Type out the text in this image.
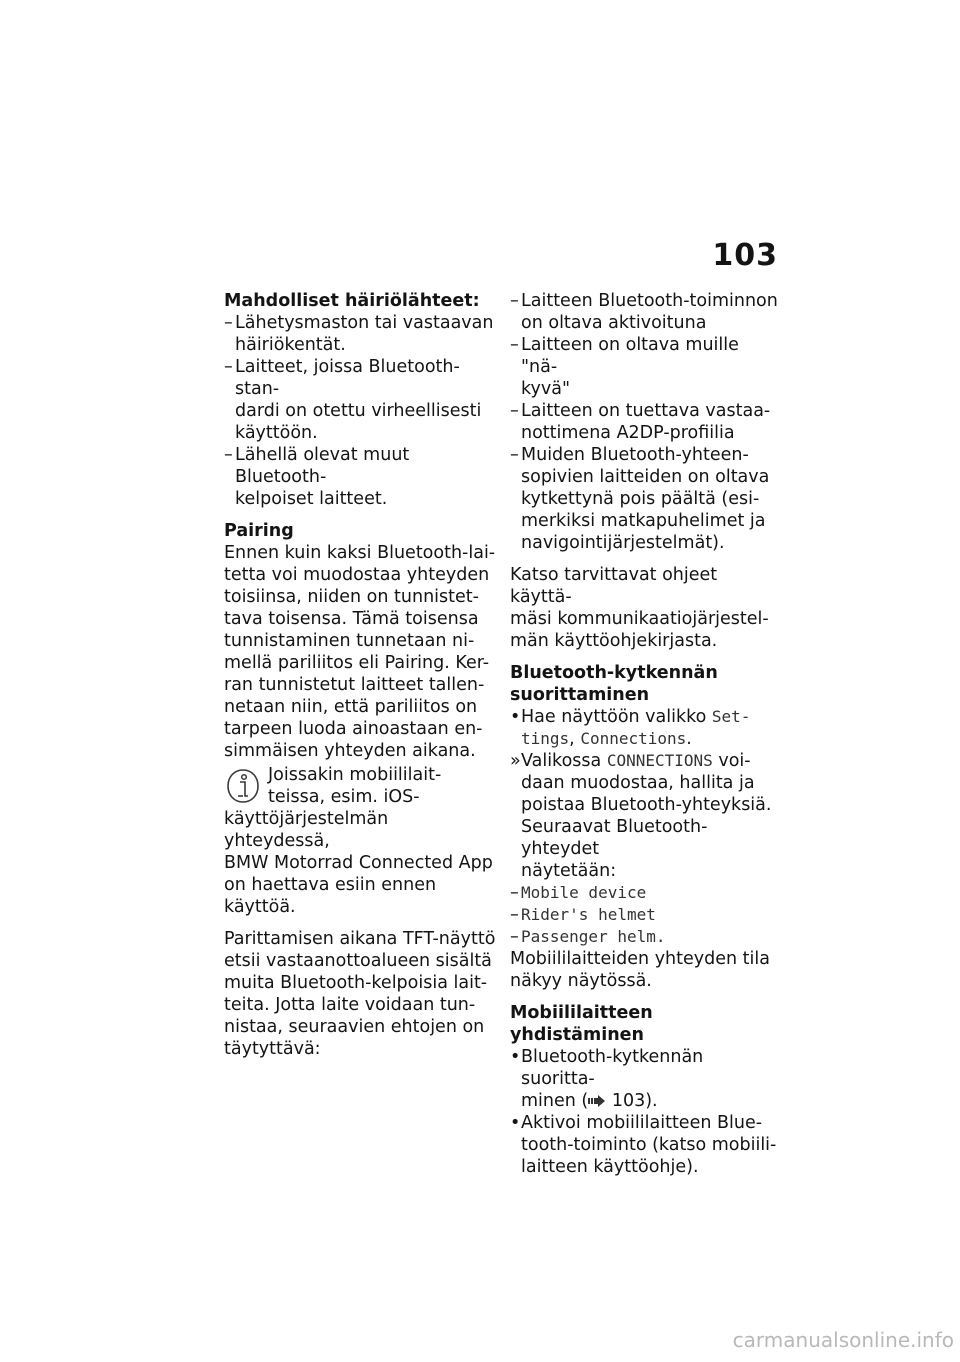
103

Mahdolliset häiriölähteet:

– Lähetysmaston tai vastaavan
häiriökentät.
– Laitteet, joissa Bluetooth-stan-
dardi on otettu virheellisesti
käyttöön.
– Lähellä olevat muut Bluetooth-
kelpoiset laitteet.

Pairing

Ennen kuin kaksi Bluetooth-lai-
tetta voi muodostaa yhteyden
toisiinsa, niiden on tunnistet-
tava toisensa. Tämä toisensa
tunnistaminen tunnetaan ni-
mellä pariliitos eli Pairing. Ker-
ran tunnistetut laitteet tallen-
netaan niin, että pariliitos on
tarpeen luoda ainoastaan en-
simmäisen yhteyden aikana.
Joissakin mobiililait-
teissa, esim. iOS-
käyttöjärjestelmän yhteydessä,
BMW Motorrad Connected App
on haettava esiin ennen
käyttöä.
Parittamisen aikana TFT-näyttö
etsii vastaanottoalueen sisältä
muita Bluetooth-kelpoisia lait-
teita. Jotta laite voidaan tun-
nistaa, seuraavien ehtojen on
täytyttävä:
– Laitteen Bluetooth-toiminnon
on oltava aktivoituna
– Laitteen on oltava muille "nä-
kyvä"
– Laitteen on tuettava vastaa-
nottimena A2DP-profiilia
– Muiden Bluetooth-yhteen-
sopivien laitteiden on oltava
kytkettynä pois päältä (esi-
merkiksi matkapuhelimet ja
navigointijärjestelmät).
Katso tarvittavat ohjeet käyttä-
mäsi kommunikaatiojärjestel-
män käyttöohjekirjasta.
Bluetooth-kytkennän
suorittaminen
• Hae näyttöön valikko Set-
tings, Connections.
» Valikossa CONNECTIONS voi-
daan muodostaa, hallita ja
poistaa Bluetooth-yhteyksiä.
Seuraavat Bluetooth-yhteydet
näytetään:
– Mobile device
– Rider's helmet
– Passenger helm.
Mobiililaitteiden yhteyden tila
näkyy näytössä.

Mobiililaitteen yhdistäminen

• Bluetooth-kytkennän suoritta-
minen ( 103).
• Aktivoi mobiililaitteen Blue-
tooth-toiminto (katso mobiili-
laitteen käyttöohje).
carmanualsonline.info
